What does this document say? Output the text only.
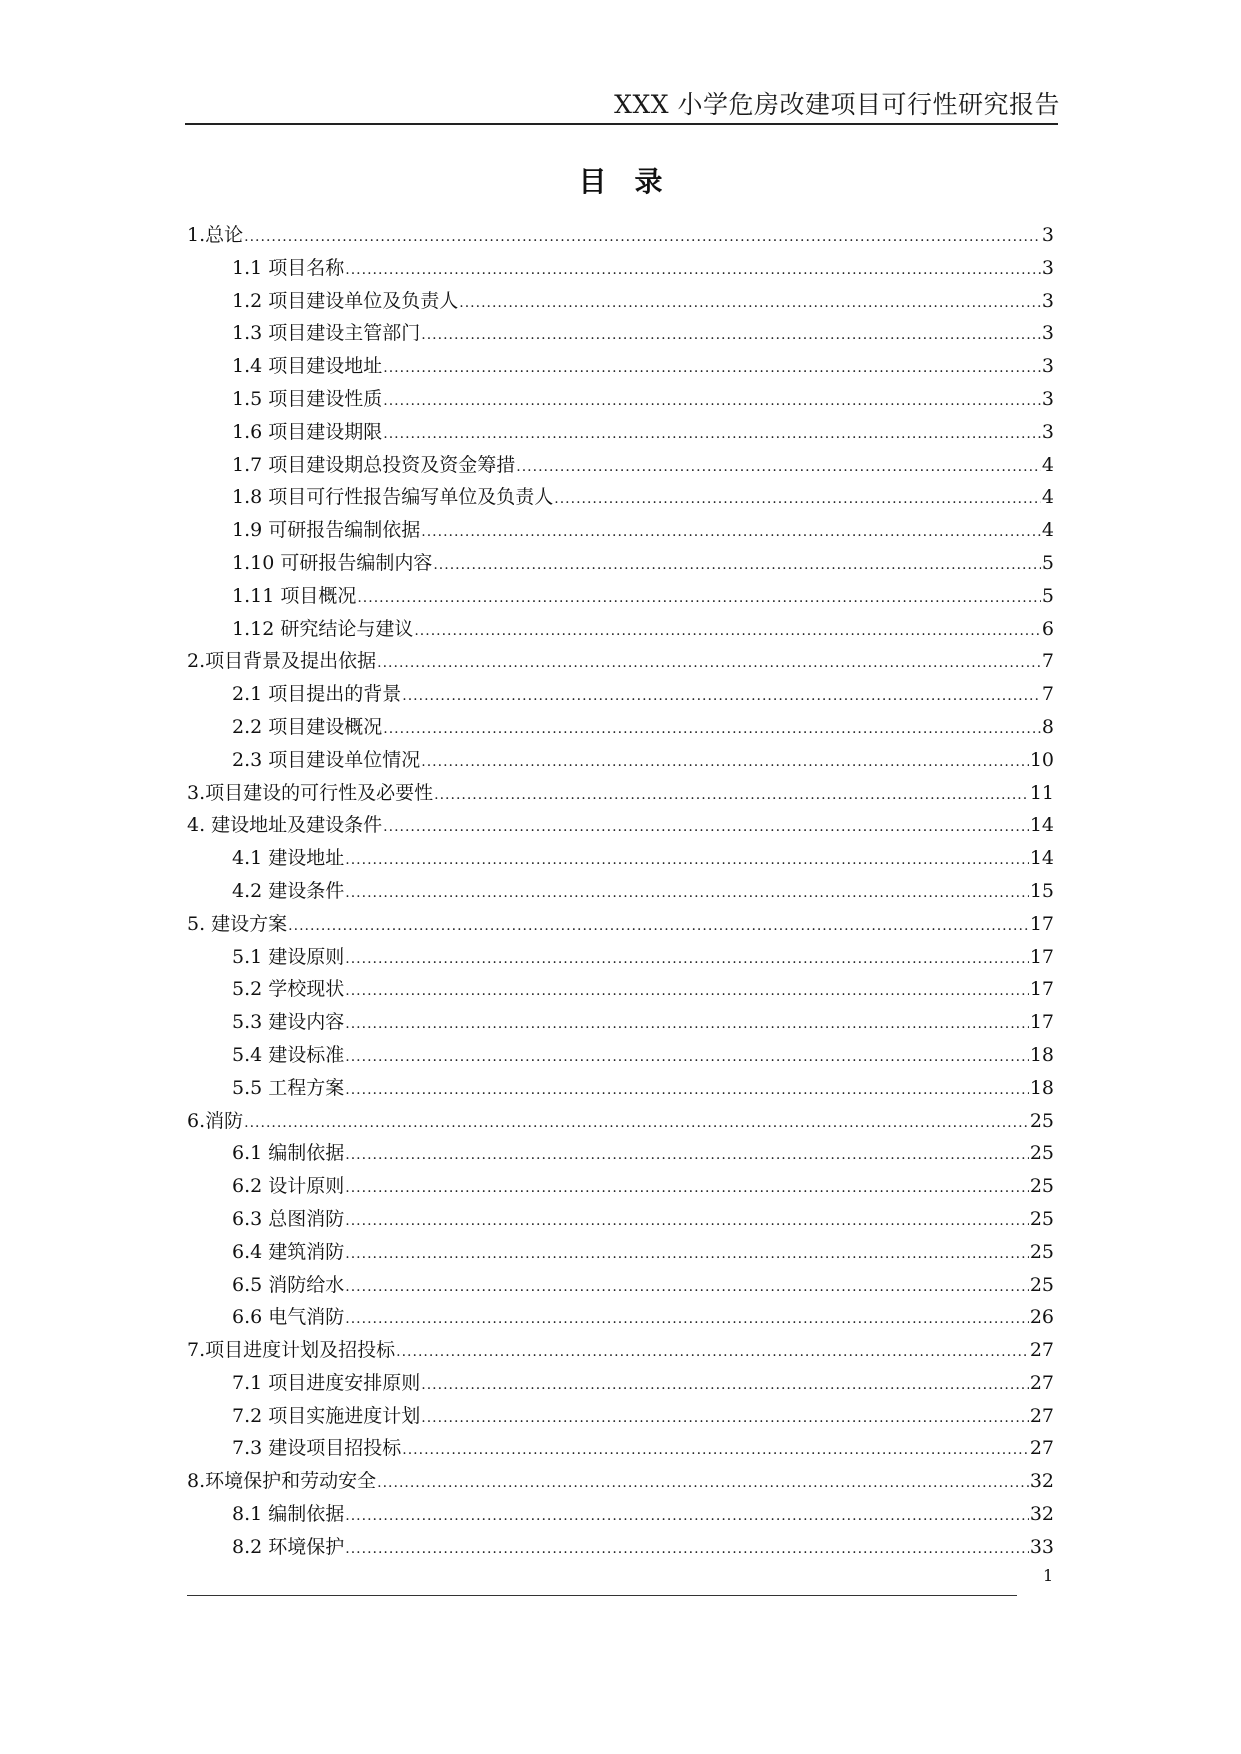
XXX 小学危房改建项目可行性研究报告
目录
1.总论 .....	3
1.1 项目名称 .....	3
1.2 项目建设单位及负责人 .....	3
1.3 项目建设主管部门 .....	3
1.4 项目建设地址 .....	3
1.5 项目建设性质 .....	3
1.6 项目建设期限 .....	3
1.7 项目建设期总投资及资金筹措 .....	4
1.8 项目可行性报告编写单位及负责人 .....	4
1.9 可研报告编制依据 .....	4
1.10 可研报告编制内容 .....	5
1.11 项目概况 .....	5
1.12 研究结论与建议 .....	6
2.项目背景及提出依据 .....	7
2.1 项目提出的背景 .....	7
2.2 项目建设概况 .....	8
2.3 项目建设单位情况 .....	10
3.项目建设的可行性及必要性 .....	11
4. 建设地址及建设条件 .....	14
4.1 建设地址 .....	14
4.2 建设条件 .....	15
5. 建设方案 .....	17
5.1 建设原则 .....	17
5.2 学校现状 .....	17
5.3 建设内容 .....	17
5.4 建设标准 .....	18
5.5 工程方案 .....	18
6.消防 .....	25
6.1 编制依据 .....	25
6.2 设计原则 .....	25
6.3 总图消防 .....	25
6.4 建筑消防 .....	25
6.5 消防给水 .....	25
6.6 电气消防 .....	26
7.项目进度计划及招投标 .....	27
7.1 项目进度安排原则 .....	27
7.2 项目实施进度计划 .....	27
7.3 建设项目招投标 .....	27
8.环境保护和劳动安全 .....	32
8.1 编制依据 .....	32
8.2 环境保护 .....	33
1
